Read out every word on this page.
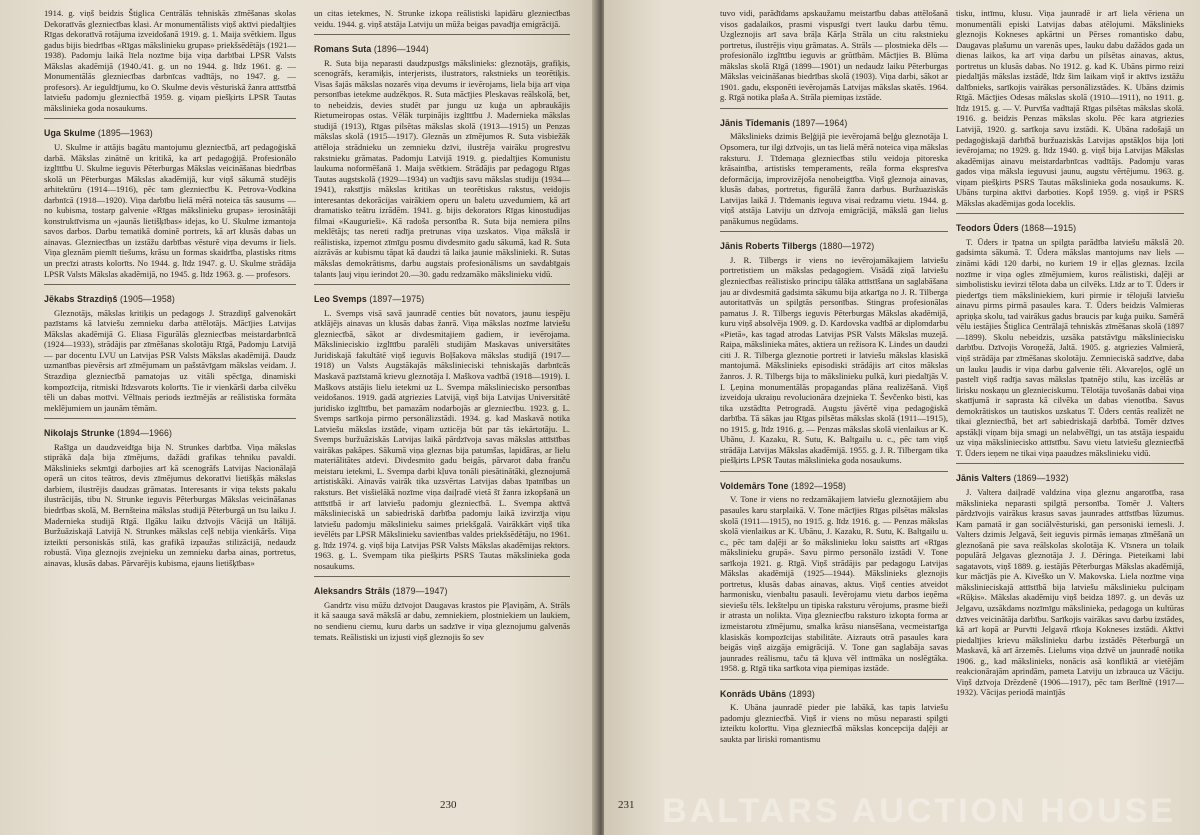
1914. g. viņš beidzis Štiglica Centrālās tehniskās zīmēšanas skolas Dekoratīvās glezniecības klasi. Ar monumentālists viņš aktīvi piedalījies Rīgas dekoratīvā rotājuma izveidošanā 1919. g. 1. Maija svētkiem. Ilgus gadus bijis biedrības «Rīgas mākslinieku grupas» priekšsēdētājs (1921—1938). Padomju laikā līela nozīme bija viņa darbībai LPSR Valsts Mākslas akadēmijā (1940./41. g. un no 1944. g. līdz 1961. g. — Monumentālās glezniecības darbnīcas vadītājs, no 1947. g. — profesors). Ar ieguldījumu, ko O. Skulme devis vēsturiskā žanra attīstībā latviešu padomju glezniecībā 1959. g. viņam piešķirts LPSR Tautas mākslinieka goda nosaukums.

Uga Skulme (1895—1963)

U. Skulme ir attājis bagātu mantojumu glezniecībā, arī pedagoģiskā darbā. Mākslas zinātnē un kritikā, ka arī pedagoģijā. Profesionālo izglītību U. Skulme ieguvis Pēterburgas Mākslas veicināšanas biedrības skolā un Pēterburgas Mākslas akadēmijā, kur viņš sākumā studējis arhitektūru (1914—1916), pēc tam glezniecību K. Petrova-Vodkina darbnīcā (1918—1920). Viņa darbību lielā mērā noteica tās sausums — no kubisma, tostarp galvenie «Rīgas mākslinieku grupas» ierosinātāji konstruktīvisma un «jaunās lietišķības» idejas, ko U. Skulme izmantoja savos darbos. Darbu tematikā dominē portrets, kā arī klusās dabas un ainavas. Glezniecības un izstāžu darbības vēsturē viņa devums ir liels. Viņa gleznām piemīt tiešums, krāsu un formas skaidrība, plastisks ritms un precīzi atrasts kolorīts. No 1944. g. līdz 1947. g. U. Skulme strādāja LPSR Valsts Mākslas akadēmijā, no 1945. g. līdz 1963. g. — profesors.

Jēkabs Strazdiņš (1905—1958)

Gleznotājs, mākslas kritiķis un pedagogs J. Strazdiņš galvenokārt pazīstams kā latviešu zemnieku darba attēlotājs. Mācījies Latvijas Mākslas akadēmijā G. Eliasa Figurālās glezniecības meistardarbnīcā (1924—1933), strādājis par zīmēšanas skolotāju Rīgā, Padomju Latvijā — par docentu LVU un Latvijas PSR Valsts Mākslas akadēmijā. Daudz uzmanības pievērsis arī zīmējumam un pašstāvīgam mākslas veidam. J. Strazdiņa glezniecībā pamatojas uz vitāli spēcīga, dinamiski kompozīcija, ritmiski līdzsvarots kolorīts. Tie ir vienkārši darba cilvēku tēli un dabas motīvi. Vēlīnais periods iezīmējās ar reālistiska formāta meklējumiem un jaunām tēmām.

Nikolajs Strunke (1894—1966)

Rašīga un daudzveidīga bija N. Strunkes darbība. Viņa mākslas stiprākā daļa bija zīmējums, dažādi grafikas tehniku pavaldi. Mākslinieks sekmīgi darbojies arī kā scenogrāfs Latvijas Nacionālajā operā un citos teātros, devis zīmējumus dekoratīvi lietišķās mākslas darbiem, ilustrējis daudzas grāmatas. Interesants ir viņa teksts pakalu ilustrācijās, tibu N. Strunke ieguvis Pēterburgas Mākslas veicināšanas biedrības skolā, M. Bernšteina mākslas studijā Pēterburgā un īsu laiku J. Madernieka studijā Rīgā. Ilgāku laiku dzīvojis Vācijā un Itālijā. Buržuāziskajā Latvijā N. Strunkes mākslas ceļš nebija vienkāršs. Viņa izteikti personiskās stilā, kas grafikā izpaužas stilizācijā, nedaudz robustā. Viņa gleznojis zvejnieku un zemnieku darba ainas, portretus, ainavas, klusās dabas. Pārvarējis kubisma, ejauns lietišķības»

un citas ietekmes, N. Strunke izkopa reālistiski lapidāru glezniecības veidu. 1944. g. viņš atstāja Latviju un mūža beigas pavadīja emigrācijā.

Romans Suta (1896—1944)

R. Suta bija neparasti daudzpusīgs mākslinieks: gleznotājs, grafiķis, scenogrāfs, keramiķis, interjerists, ilustrators, rakstnieks un teorētiķis. Visas šajās mākslas nozarēs viņa devums ir ievērojams, liela bija arī viņa personības ietekme audzēkņos. R. Suta mācījies Pleskavas reālskolā, bet, to nebeidzis, devies studēt par jungu uz kuģa un apbraukājis Rietumeiropas ostas. Vēlāk turpinājis izglītību J. Madernieka mākslas studijā (1913), Rīgas pilsētas mākslas skolā (1913—1915) un Penzas mākslas skolā (1915—1917). Gleznās un zīmējumos R. Suta visbiežāk attēloja strādnieku un zemnieku dzīvi, ilustrēja vairāku progresīvu rakstnieku grāmatas. Padomju Latvijā 1919. g. piedalījies Komunistu laukuma noformēšanā 1. Maija svētkiem. Strādājis par pedagogu Rīgas Tautas augstskolā (1929—1934) un vadījis savu mākslas studiju (1934—1941), rakstījis mākslas kritikas un teorētiskus rakstus, veidojis interesantas dekorācijas vairākiem operu un baletu uzvedumiem, kā arī dramatisko teātru izrādēm. 1941. g. bijis dekorators Rīgas kinostudijas filmai «Kaugurieši». Kā radoša personība R. Suta bija nemiera pilns meklētājs; tas nereti radīja pretrunas viņa uzskatos. Viņa mākslā ir reālistiska, izpemot zīmīgu posmu divdesmito gadu sākumā, kad R. Suta aizrāvās ar kubismu tāpat kā daudzi tā laika jaunie mākslinieki. R. Sutas mākslas demokrātisms, darbu augstais profesionālisms un savdabīgais talants ļauj viņu ierindot 20.—30. gadu redzamāko mākslinieku vidū.

Leo Svemps (1897—1975)

L. Svemps visā savā jaunradē centies būt novators, jaunu iespēju atklājējs ainavas un klusās dabas žanrā. Viņa mākslas nozīme latviešu glezniecībā, sākot ar divdesmitajiem gadiem, ir ievērojama. Mākslinieciskio izglītību paralēli studijām Maskavas universitātes Juridiskajā fakultātē viņš ieguvis Boļšakova mākslas studijā (1917—1918) un Valsts Augstākajās mākslinieciski tehniskajās darbnīcās Maskavā pazīstamā krievu gleznotāja I. Maškova vadībā (1918—1919). I. Maškovs atstājis lielu ietekmi uz L. Svempa māksliniecisko personības veidošanos. 1919. gadā atgriezies Latvijā, viņš bija Latvijas Universitātē juridisko izglītību, bet pamazām nodarbojās ar glezniecību. 1923. g. L. Svemps sarīkoja pirmo personālizstādi. 1934. g. kad Maskavā notika Latviešu mākslas izstāde, viņam uzticēja būt par tās iekārtotāju. L. Svemps buržuāziskās Latvijas laikā pārdzīvoja savas mākslas attīstības vairākas pakāpes. Sākumā viņa gleznas bija patumšas, lapidāras, ar lielu materiālitātes atdevi. Divdesmito gadu beigās, pārvarot daba franču meistaru ietekmi, L. Svempa darbi kļuva tonāli piesātinātāki, gleznojumā artistiskāki. Ainavās vairāk tika uzsvērtas Latvijas dabas īpatnības un raksturs. Bet visšielākā nozīme viņa daiļradē vietā šī žanra izkopšanā un attīstībā ir arī latviešu padomju glezniecībā. L. Svempa aktīvā mākslinieciskā un sabiedriskā darbība padomju laikā izvirzīja viņu latviešu padomju mākslinieku saimes priekšgalā. Vairākkārt viņš tika ievēlēts par LPSR Mākslinieku savienības valdes priekšsēdētāju, no 1961. g. līdz 1974. g. viņš bija Latvijas PSR Valsts Mākslas akadēmijas rektors. 1963. g. L. Svempam tika piešķirts PSRS Tautas mākslinieka goda nosaukums.

Aleksandrs Strāls (1879—1947)

Gandrīz visu mūžu dzīvojot Daugavas krastos pie Pļaviņām, A. Strāls it kā saauga savā mākslā ar dabu, zemniekiem, plostniekiem un laukiem, no sendienu ciemu, kuru darbs un sadzīve ir viņa gleznojumu galvenās temats. Reālistiski un izjusti viņš gleznojis šo sev

230

tuvo vidi, parādīdams apskaužamu meistarību dabas attēlošanā visos gadalaikos, prasmi vispusīgi tvert lauku darbu tēmu. Uzgleznojis arī sava brāļa Kārļa Strāla un citu rakstnieku portretus, ilustrējis viņu grāmatas. A. Strāls — plostnieka dēls — profesionālo izglītību ieguvis ar grūtībām. Mācījies B. Blūma mākslas skolā Rīgā (1899—1901) un nedaudz laiku Pēterburgas Mākslas veicināšanas biedrības skolā (1903). Viņa darbi, sākot ar 1901. gadu, eksponēti ievērojamās Latvijas mākslas skatēs. 1964. g. Rīgā notika plaša A. Strāla piemiņas izstāde.

Jānis Tīdemanis (1897—1964)

Mākslinieks dzimis Beļģijā pie ievērojamā beļģu gleznotāja I. Opsomera, tur ilgi dzīvojis, un tas lielā mērā noteica viņa mākslas raksturu. J. Tīdemaņa glezniecības stilu veidoja pitoreska krāsainība, artistisks temperaments, reāla forma ekspresīva deformācija, improvizējoša nenobeigtība. Viņš gleznoja ainavas, klusās dabas, portretus, figurālā žanra darbus. Buržuaziskās Latvijas laikā J. Tīdemanis ieguva visai redzamu vietu. 1944. g. viņš atstāja Latviju un dzīvoja emigrācijā, mākslā gan lielus panākumus negūdams.

Jānis Roberts Tilbergs (1880—1972)

J. R. Tilbergs ir viens no ievērojamākajiem latviešu portretistiem un mākslas pedagogiem. Visādā ziņā latviešu glezniecības reālistisko principu tālāka attīstīšana un saglabāšana jau ar divdesmitā gadsimta sākumu bija atkarīga no J. R. Tilberga autoritatīvās un spilgtās personības. Stingras profesionālas pamatus J. R. Tilbergs ieguvis Pēterburgas Mākslas akadēmijā, kuru viņš absolvēja 1909. g. D. Kardovska vadībā ar diplomdarbu «Pietā», kas tagad atrodas Latvijas PSR Valsts Mākslas muzejā. Raipa, mākslinieka mātes, aktiera un režisora K. Lindes un daudzi citi J. R. Tilberga gleznotie portreti ir latviešu mākslas klasiskā mantojumā. Mākslinieks episodiski strādājis arī citos mākslas žanros. J. R. Tilbergs bija to mākslinieku pulkā, kuri piedalījās V. I. Ļeņina monumentālās propagandas plāna realizēšanā. Viņš izveidoja ukraiņu revolucionāra dzejnieka T. Ševčenko bisti, kas tika uzstādīta Petrogradā. Augstu jāvērtē viņa pedagoģiskā darbība. Tā sākas jau Rīgas pilsētas mākslas skolā (1911—1915), no 1915. g. līdz 1916. g. — Penzas mākslas skolā vienlaikus ar K. Ubānu, J. Kazaku, R. Sutu, K. Baltgailu u. c., pēc tam viņš strādāja Latvijas Mākslas akadēmijā. 1955. g. J. R. Tilbergam tika piešķirts LPSR Tautas mākslinieka goda nosaukums.

Voldemārs Tone (1892—1958)

V. Tone ir viens no redzamākajiem latviešu gleznotājiem abu pasaules karu starplaikā. V. Tone mācījies Rīgas pilsētas mākslas skolā (1911—1915), no 1915. g. līdz 1916. g. — Penzas mākslas skolā vienlaikus ar K. Ubānu, J. Kazaku, R. Sutu, K. Baltgailu u. c., pēc tam daļēji ar šo mākslinieku loku saistīts arī «Rīgas mākslinieku grupā». Savu pirmo personālo izstādi V. Tone sarīkoja 1921. g. Rīgā. Viņš strādājis par pedagogu Latvijas Mākslas akadēmijā (1925—1944). Mākslinieks gleznojis portretus, klusās dabas ainavas, aktus. Viņš centies atveidot harmonisku, vienbaltu pasauli. Ievērojamu vietu darbos ieņēma sieviešu tēls. Iekštelpu un tipiska raksturu vērojums, prasme bieži ir atrasta un nolikta. Viņa glezniecību raksturo izkopta forma ar izmeistarotu zīmējumu, smalka krāsu niansēšana, vecmeistarīga klasiskās kompozīcijas stabilitāte. Aizrauts otrā pasaules kara beigās viņš aizgāja emigrācijā. V. Tone gan saglabāja savas jaunrades reālismu, taču tā kļuva vēl intīmāka un noslēgtāka. 1958. g. Rīgā tika sarīkota viņa piemiņas izstāde.

Konrāds Ubāns (1893)

K. Ubāna jaunradē pieder pie labākā, kas tapis latviešu padomju glezniecībā. Viņš ir viens no mūsu neparasti spilgti izteiktu kolorītu. Viņa glezniecībā mākslas koncepcija daļēji ar saukta par liriski romantismu

tisku, intīmu, klusu. Viņa jaunradē ir arī liela vēriena un monumentāli episki Latvijas dabas atēlojumi. Mākslinieks gleznojis Kokneses apkārtni un Pērses romantisko dabu, Daugavas plašumu un varenās upes, lauku dabu dažādos gada un dienas laikos, ka arī viņa darbu un pilsētas ainavas, aktus, portretus un klusās dabas. No 1912. g. kad K. Ubāns pirmo reizi piedalījās mākslas izstādē, līdz šim laikam viņš ir aktīvs izstāžu dalībnieks, sarīkojis vairākas personālizstādes. K. Ubāns dzimis Rīgā. Mācījies Odesas mākslas skolā (1910—1911), no 1911. g. līdz 1915. g. — V. Purvīša vadītajā Rīgas pilsētas mākslas skolā. 1916. g. beidzis Penzas mākslas skolu. Pēc kara atgriezies Latvijā, 1920. g. sarīkoja savu izstādi. K. Ubāna radošajā un pedagoģiskajā darbībā buržuaziskās Latvijas apstākļos bija ļoti ievērojama; no 1929. g. līdz 1940. g. viņš bija Latvijas Mākslas akadēmijas ainavu meistardarbnīcas vadītājs. Padomju varas gados viņa māksla ieguvusi jaunu, augstu vērtējumu. 1963. g. viņam piešķirts PSRS Tautas mākslinieka goda nosaukums. K. Ubāns turpina aktīvi darboties. Kopš 1959. g. viņš ir PSRS Mākslas akadēmijas goda loceklis.

Teodors Ūders (1868—1915)

T. Ūders ir īpatna un spilgta parādība latviešu mākslā 20. gadsimta sākumā. T. Ūdera mākslas mantojums nav liels — zināmi kādi 120 darbi, no kuriem 19 ir eļļas gleznas. Izcila nozīme ir viņa ogles zīmējumiem, kuros reālistiski, daļēji ar simbolistisku ievirzi tēlota daba un cilvēks. Līdz ar to T. Ūders ir piederīgs tiem māksliniekiem, kuri pirmie ir tēlojuši latviešu ainavu pirms pirmā pasaules kara. T. Ūders beidzis Valmieras apriņķa skolu, tad vairākus gadus braucis par kuģa puiku. Samērā vēlu iestājies Štiglica Centrālajā tehniskās zīmēšanas skolā (1897—1899). Skolu nebeidzis, uzsāka patstāvīgu māksliniecisku darbību. Dzīvojis Voroņežā, Jaltā. 1905. g. atgriezies Valmierā, viņš strādāja par zīmēšanas skolotāju. Zemnieciskā sadzīve, daba un lauku ļaudis ir viņa darbu galvenie tēli. Akvareļos, oglē un pastelī viņš radīja savas mākslas īpatnējo stilu, kas izcēlās ar lirisku noskaņu un gleznieciskumu. Tēlotāja tuvošanās dabai viņa skatījumā ir saprasta kā cilvēka un dabas vienotība. Savus demokrātiskos un tautiskos uzskatus T. Ūders centās realizēt ne tikai glezniecībā, bet arī sabiedriskajā darbībā. Tomēr dzīves apstākļi viņam bija smagi un nelabvēlīgi, un tas atstāja iespaidu uz viņa māksliniecisko attīstību. Savu vietu latviešu glezniecībā T. Ūders ieņem ne tikai viņa paaudzes mākslinieku vidū.

Jānis Valters (1869—1932)

J. Valtera daiļradē valdzina viņa gleznu angarotība, rasa mākslinieka neparasti spilgtā personība. Tomēr J. Valters pārdzīvojis vairākus krasus savas jaunrades attīstības lūzumus. Kam pamatā ir gan sociālvēsturiski, gan personiski iemesli. J. Valters dzimis Jelgavā, šeit ieguvis pirmās iemaņas zīmēšanā un gleznošanā pie sava reālskolas skolotāja K. Vīsnera un tolaik populārā Jelgavas gleznotāja J. J. Dēringa. Pieteikami labi sagatavots, viņš 1889. g. iestājās Pēterburgas Mākslas akadēmijā, kur mācījās pie A. Kiveško un V. Makovska. Liela nozīme viņa mākslinieciskajā attīstībā bija latviešu mākslinieku pulciņam «Rūķis». Mākslas akadēmiju viņš beidza 1897. g. un devās uz Jelgavu, uzsākdams nozīmīgu mākslinieka, pedagoga un kultūras dzīves veicinātāja darbību. Sarīkojis vairākas savu darbu izstādes, kā arī kopā ar Purvīti Jelgavā rīkoja Kokneses izstādi. Aktīvi piedalījies krievu mākslinieku darbu izstādēs Pēterburgā un Maskavā, kā arī ārzemēs. Lielums viņa dzīvē un jaunradē notika 1906. g., kad mākslinieks, nonācis asā konfliktā ar vietējām reakcionārajām aprindām, pameta Latviju un izbrauca uz Vāciju. Viņš dzīvoja Drēzdenē (1906—1917), pēc tam Berlīnē (1917—1932). Vācijas periodā mainījās

231 BALTARS AUCTION HOUSE
